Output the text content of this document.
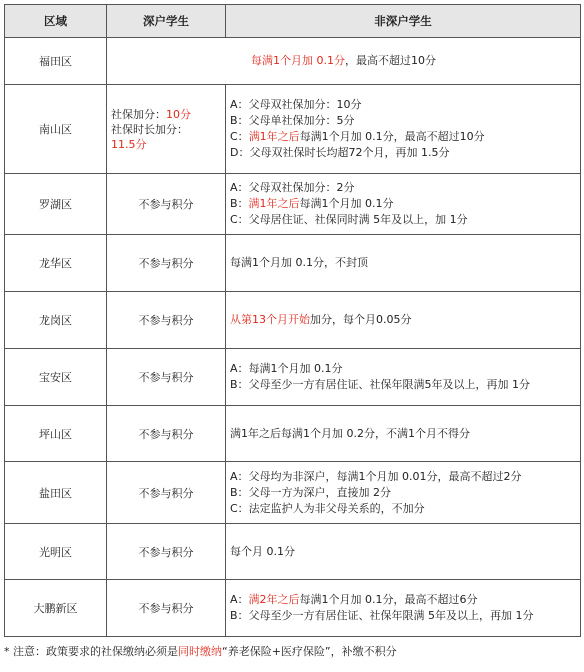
区域	深户学生	非深户学生
福田区	每满1个月加 0.1分，最高不超过10分	

南山区	社保加分：10分
社保时长加分：
11.5分	A：父母双社保加分：10分
B：父母单社保加分：5分
C：满1年之后每满1个月加 0.1分，最高不超过10分
D：父母双社保时长均超72个月，再加 1.5分

罗湖区	不参与积分	A：父母双社保加分：2分
B：满1年之后每满1个月加 0.1分
C：父母居住证、社保同时满 5年及以上，加 1分

龙华区	不参与积分	每满1个月加 0.1分，不封顶

龙岗区	不参与积分	从第13个月开始加分，每个月0.05分

宝安区	不参与积分	A：每满1个月加 0.1分
B：父母至少一方有居住证、社保年限满5年及以上，再加 1分

坪山区	不参与积分	满1年之后每满1个月加 0.2分，不满1个月不得分

盐田区	不参与积分	A：父母均为非深户，每满1个月加 0.01分，最高不超过2分
B：父母一方为深户，直接加 2分
C：法定监护人为非父母关系的，不加分

光明区	不参与积分	每个月 0.1分

大鹏新区	不参与积分	A：满2年之后每满1个月加 0.1分，最高不超过6分
B：父母至少一方有居住证、社保年限满 5年及以上，再加 1分
* 注意：政策要求的社保缴纳必须是同时缴纳“养老保险+医疗保险”，补缴不积分
